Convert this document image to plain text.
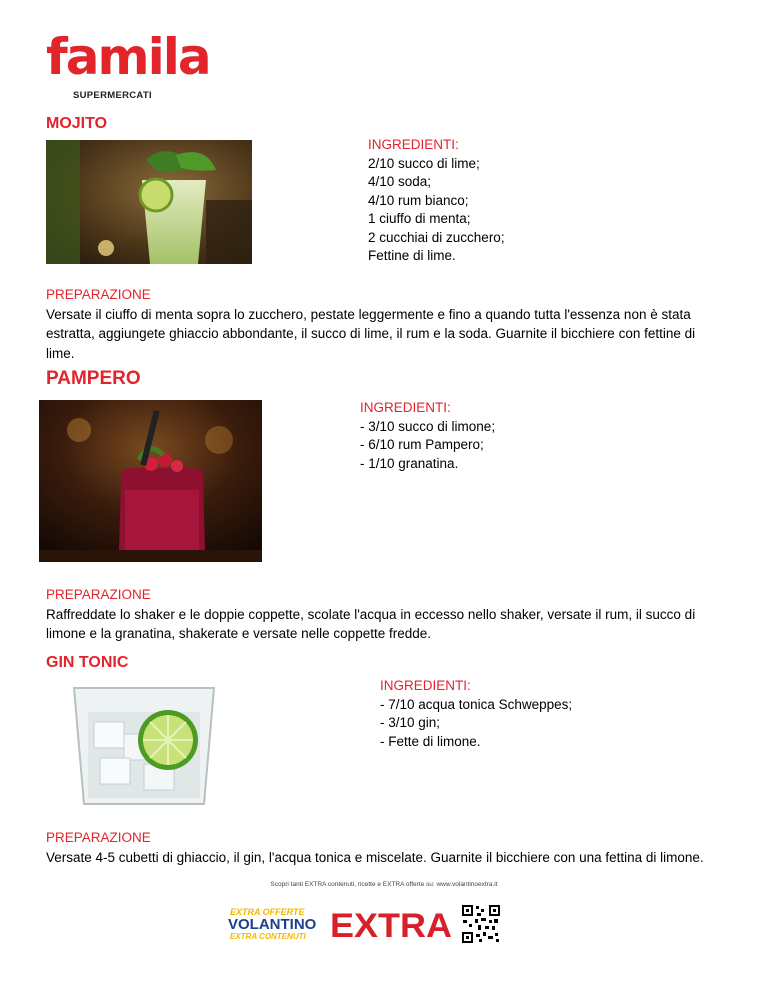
famila
SUPERMERCATI
MOJITO
INGREDIENTI:
2/10 succo di lime;
4/10 soda;
4/10 rum bianco;
1 ciuffo di menta;
2 cucchiai di zucchero;
Fettine di lime.
PREPARAZIONE
Versate il ciuffo di menta sopra lo zucchero, pestate leggermente e fino a quando tutta l'essenza non è stata estratta, aggiungete ghiaccio abbondante, il succo di lime, il rum e la soda. Guarnite il bicchiere con fettine di lime.
PAMPERO
INGREDIENTI:
- 3/10 succo di limone;
- 6/10 rum Pampero;
- 1/10 granatina.
PREPARAZIONE
Raffreddate lo shaker e le doppie coppette, scolate l'acqua in eccesso nello shaker, versate il rum, il succo di limone e la granatina, shakerate e versate nelle coppette fredde.
GIN TONIC
INGREDIENTI:
- 7/10 acqua tonica Schweppes;
- 3/10 gin;
- Fette di limone.
PREPARAZIONE
Versate 4-5 cubetti di ghiaccio, il gin, l'acqua tonica e miscelate. Guarnite il bicchiere con una fettina di limone.
Scopri tanti EXTRA contenuti, ricette e EXTRA offerte su: www.volantinoextra.it
EXTRA OFFERTE
VOLANTINO
EXTRA CONTENUTI EXTRA
